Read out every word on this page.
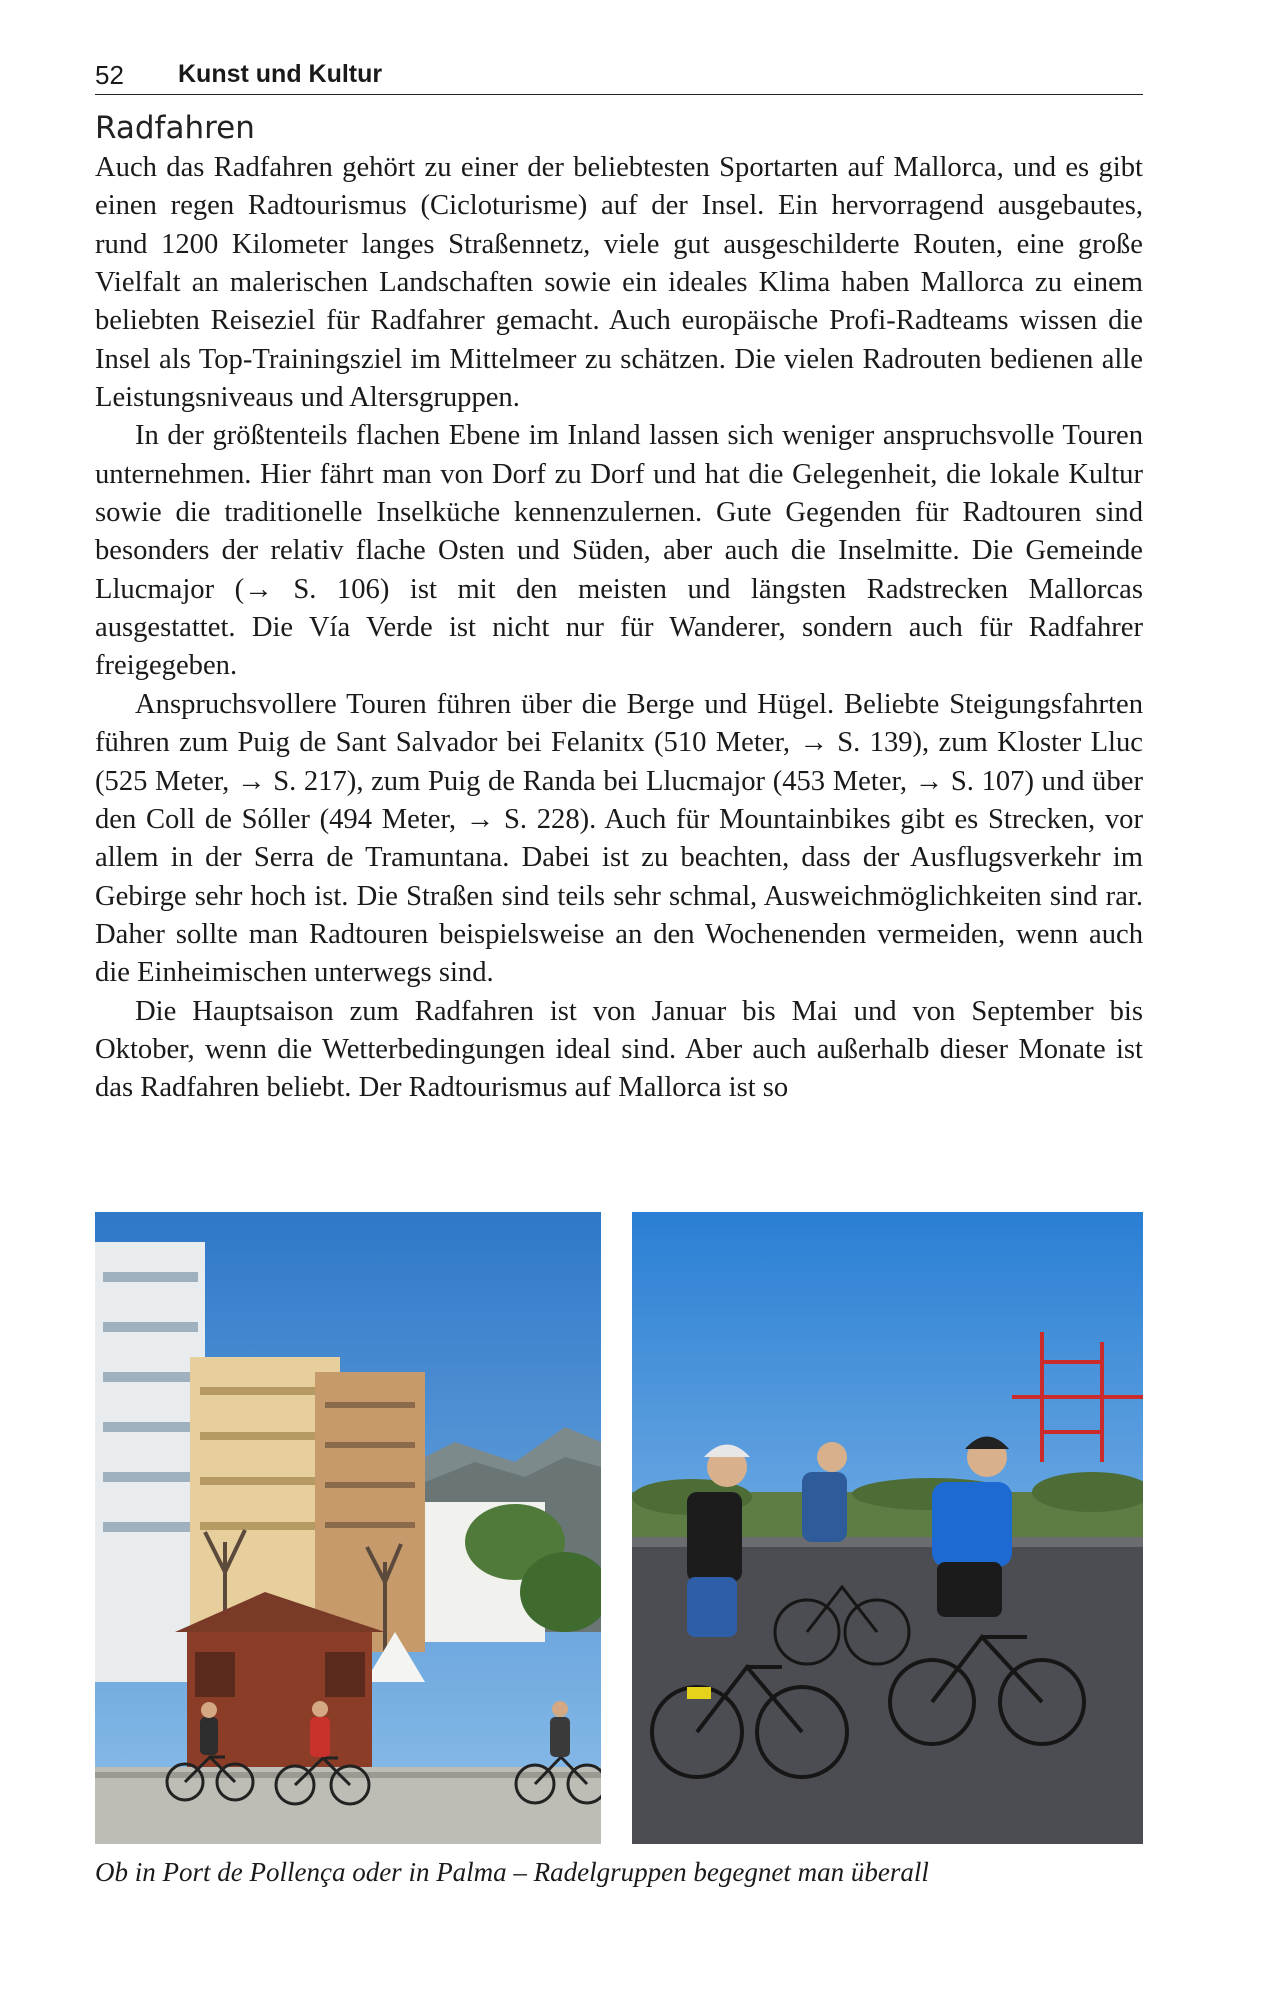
52 Kunst und Kultur
Radfahren

Auch das Radfahren gehört zu einer der beliebtesten Sportarten auf Mallorca, und es gibt einen regen Radtourismus (Cicloturisme) auf der Insel. Ein hervorragend ausgebautes, rund 1200 Kilometer langes Straßennetz, viele gut ausgeschilderte Routen, eine große Vielfalt an malerischen Landschaften sowie ein ideales Klima haben Mallorca zu einem beliebten Reiseziel für Radfahrer gemacht. Auch europäische Profi-Radteams wissen die Insel als Top-Trainingsziel im Mittelmeer zu schätzen. Die vielen Radrouten bedienen alle Leistungsniveaus und Altersgruppen.

In der größtenteils flachen Ebene im Inland lassen sich weniger anspruchsvolle Touren unternehmen. Hier fährt man von Dorf zu Dorf und hat die Gelegenheit, die lokale Kultur sowie die traditionelle Inselküche kennenzulernen. Gute Gegenden für Radtouren sind besonders der relativ flache Osten und Süden, aber auch die Inselmitte. Die Gemeinde Llucmajor (→ S. 106) ist mit den meisten und längsten Radstrecken Mallorcas ausgestattet. Die Vía Verde ist nicht nur für Wanderer, sondern auch für Radfahrer freigegeben.

Anspruchsvollere Touren führen über die Berge und Hügel. Beliebte Steigungsfahrten führen zum Puig de Sant Salvador bei Felanitx (510 Meter, → S. 139), zum Kloster Lluc (525 Meter, → S. 217), zum Puig de Randa bei Llucmajor (453 Meter, → S. 107) und über den Coll de Sóller (494 Meter, → S. 228). Auch für Mountainbikes gibt es Strecken, vor allem in der Serra de Tramuntana. Dabei ist zu beachten, dass der Ausflugsverkehr im Gebirge sehr hoch ist. Die Straßen sind teils sehr schmal, Ausweichmöglichkeiten sind rar. Daher sollte man Radtouren beispielsweise an den Wochenenden vermeiden, wenn auch die Einheimischen unterwegs sind.

Die Hauptsaison zum Radfahren ist von Januar bis Mai und von September bis Oktober, wenn die Wetterbedingungen ideal sind. Aber auch außerhalb dieser Monate ist das Radfahren beliebt. Der Radtourismus auf Mallorca ist so

Ob in Port de Pollença oder in Palma – Radelgruppen begegnet man überall
